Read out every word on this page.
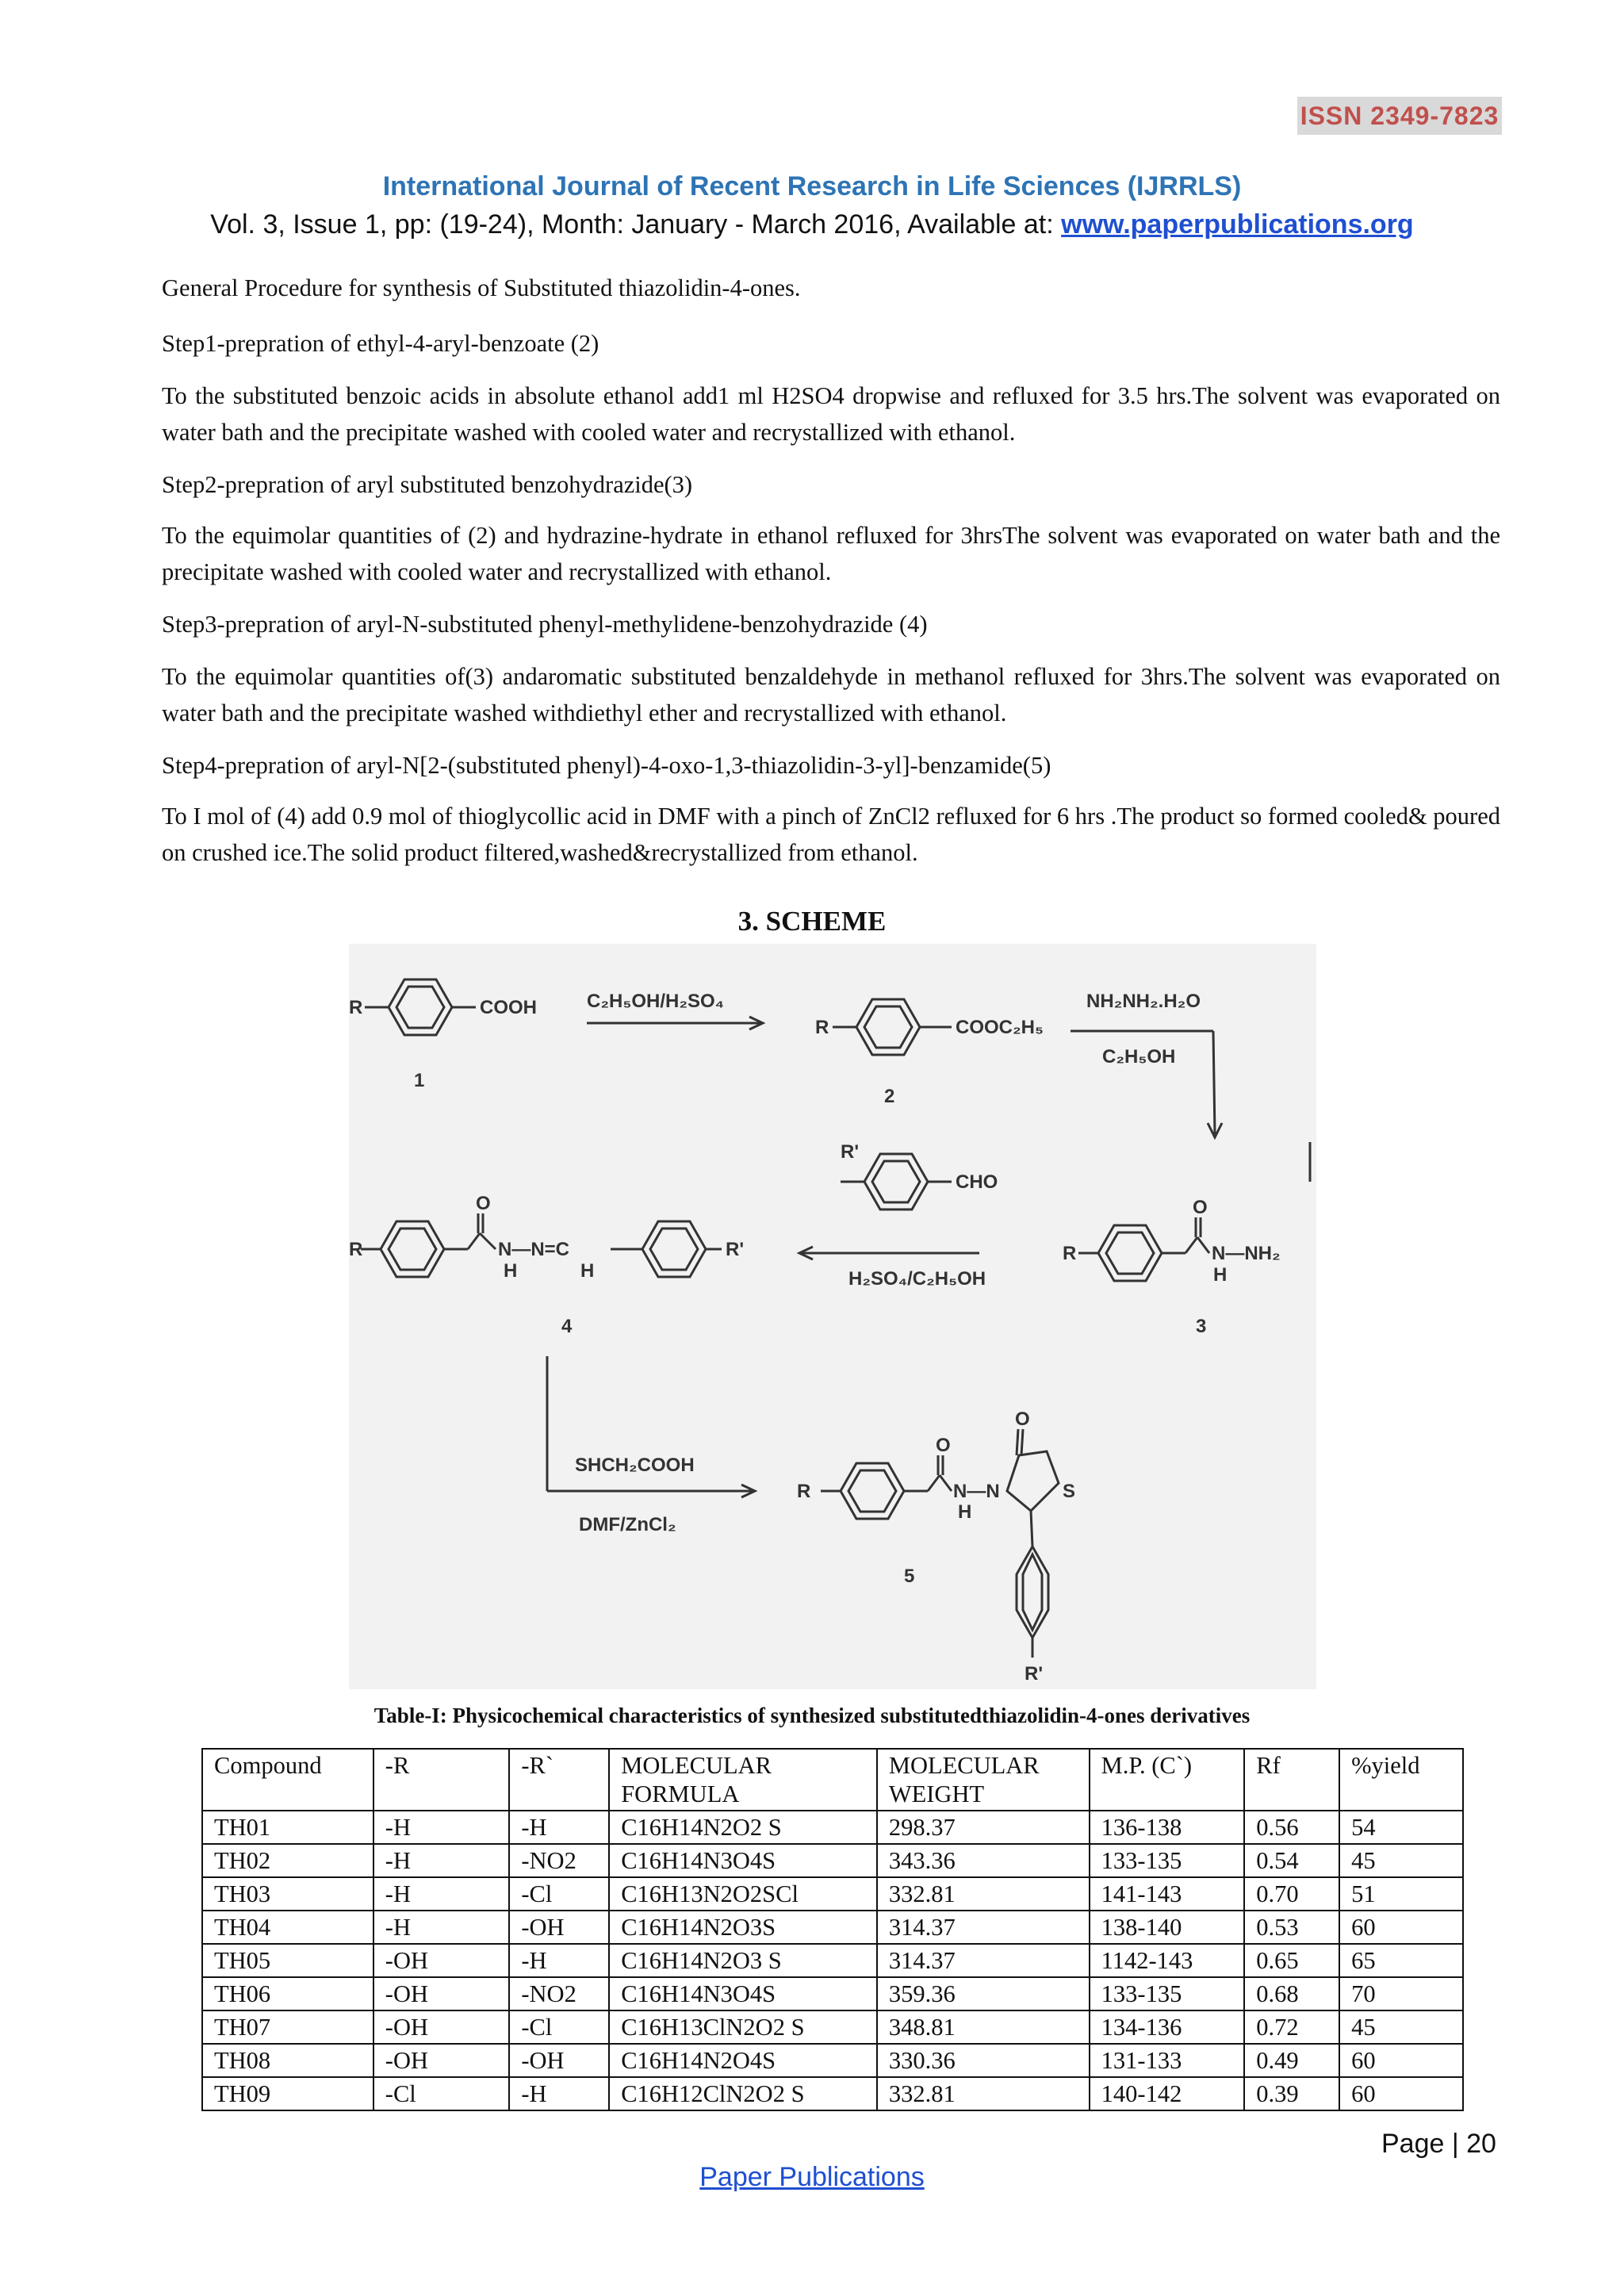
ISSN 2349-7823
International Journal of Recent Research in Life Sciences (IJRRLS)
Vol. 3, Issue 1, pp: (19-24), Month: January - March 2016, Available at: www.paperpublications.org

General Procedure for synthesis of Substituted thiazolidin-4-ones.

Step1-prepration of ethyl-4-aryl-benzoate (2)

To the substituted benzoic acids in absolute ethanol add1 ml H2SO4 dropwise and refluxed for 3.5 hrs.The solvent was evaporated on water bath and the precipitate washed with cooled water and recrystallized with ethanol.

Step2-prepration of aryl substituted benzohydrazide(3)

To the equimolar quantities of (2) and hydrazine-hydrate in ethanol refluxed for 3hrsThe solvent was evaporated on water bath and the precipitate washed with cooled water and recrystallized with ethanol.

Step3-prepration of aryl-N-substituted phenyl-methylidene-benzohydrazide (4)

To the equimolar quantities of(3) andaromatic substituted benzaldehyde in methanol refluxed for 3hrs.The solvent was evaporated on water bath and the precipitate washed withdiethyl ether and recrystallized with ethanol.

Step4-prepration of aryl-N[2-(substituted phenyl)-4-oxo-1,3-thiazolidin-3-yl]-benzamide(5)

To I mol of (4) add 0.9 mol of thioglycollic acid in DMF with a pinch of ZnCl2 refluxed for 6 hrs .The product so formed cooled& poured on crushed ice.The solid product filtered,washed&recrystallized from ethanol.

3. SCHEME
R	COOH
1
C₂H₅OH/H₂SO₄
R	COOC₂H₅
2
NH₂NH₂.H₂O
C₂H₅OH
R'
CHO
H₂SO₄/C₂H₅OH
R
O
N—N=C
H	H
R'
4
R
O
N—NH₂
H
3
SHCH₂COOH
DMF/ZnCl₂
R
O
O
N—N
H
S
R'
5
Table-I: Physicochemical characteristics of synthesized substitutedthiazolidin-4-ones derivatives
Compound	-R	-R`	MOLECULAR FORMULA	MOLECULAR WEIGHT	M.P. (C`)	Rf	%yield
TH01	-H	-H	C16H14N2O2 S	298.37	136-138	0.56	54
TH02	-H	-NO2	C16H14N3O4S	343.36	133-135	0.54	45
TH03	-H	-Cl	C16H13N2O2SCl	332.81	141-143	0.70	51
TH04	-H	-OH	C16H14N2O3S	314.37	138-140	0.53	60
TH05	-OH	-H	C16H14N2O3 S	314.37	1142-143	0.65	65
TH06	-OH	-NO2	C16H14N3O4S	359.36	133-135	0.68	70
TH07	-OH	-Cl	C16H13ClN2O2 S	348.81	134-136	0.72	45
TH08	-OH	-OH	C16H14N2O4S	330.36	131-133	0.49	60
TH09	-Cl	-H	C16H12ClN2O2 S	332.81	140-142	0.39	60
Page | 20
Paper Publications
